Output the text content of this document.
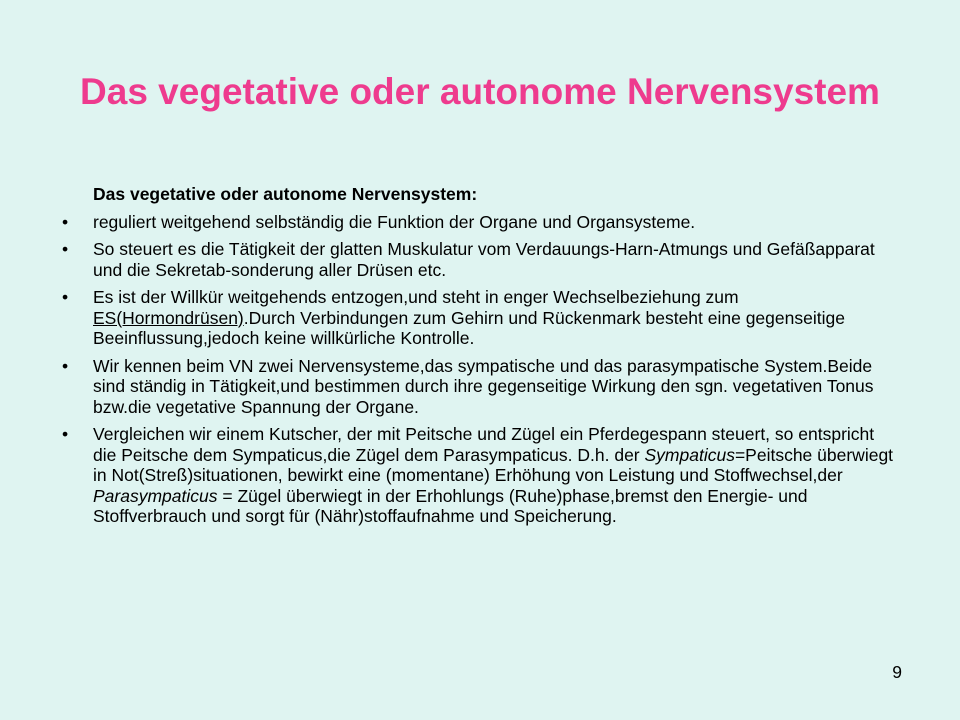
Das vegetative oder autonome Nervensystem
Das vegetative oder autonome Nervensystem:
• reguliert weitgehend selbständig die Funktion der Organe und Organsysteme.
• So steuert es die Tätigkeit der glatten Muskulatur vom Verdauungs-Harn-Atmungs und Gefäßapparat und die Sekretab-sonderung aller Drüsen etc.
• Es ist der Willkür weitgehends entzogen,und steht in enger Wechselbeziehung zum ES(Hormondrüsen).Durch Verbindungen zum Gehirn und Rückenmark besteht eine gegenseitige Beeinflussung,jedoch keine willkürliche Kontrolle.
• Wir kennen beim VN zwei Nervensysteme,das sympatische und das parasympatische System.Beide sind ständig in Tätigkeit,und bestimmen durch ihre gegenseitige Wirkung den sgn. vegetativen Tonus bzw.die vegetative Spannung der Organe.
• Vergleichen wir einem Kutscher, der mit Peitsche und Zügel ein Pferdegespann steuert, so entspricht die Peitsche dem Sympaticus,die Zügel dem Parasympaticus. D.h. der Sympaticus=Peitsche überwiegt in Not(Streß)situationen, bewirkt eine (momentane) Erhöhung von Leistung und Stoffwechsel,der Parasympaticus = Zügel überwiegt in der Erhohlungs (Ruhe)phase,bremst den Energie- und Stoffverbrauch und sorgt für (Nähr)stoffaufnahme und Speicherung.
9
